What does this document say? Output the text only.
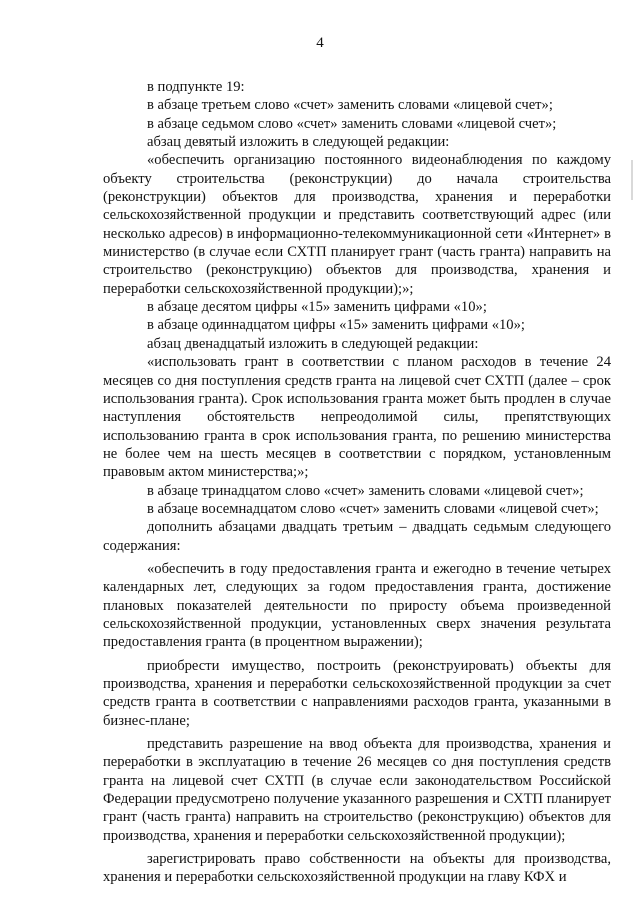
4

в подпункте 19:

в абзаце третьем слово «счет» заменить словами «лицевой счет»;

в абзаце седьмом слово «счет» заменить словами «лицевой счет»;

абзац девятый изложить в следующей редакции:

«обеспечить организацию постоянного видеонаблюдения по каждому объекту строительства (реконструкции) до начала строительства (реконструкции) объектов для производства, хранения и переработки сельскохозяйственной продукции и представить соответствующий адрес (или несколько адресов) в информационно-телекоммуникационной сети «Интернет» в министерство (в случае если СХТП планирует грант (часть гранта) направить на строительство (реконструкцию) объектов для производства, хранения и переработки сельскохозяйственной продукции);»;

в абзаце десятом цифры «15» заменить цифрами «10»;

в абзаце одиннадцатом цифры «15» заменить цифрами «10»;

абзац двенадцатый изложить в следующей редакции:

«использовать грант в соответствии с планом расходов в течение 24 месяцев со дня поступления средств гранта на лицевой счет СХТП (далее – срок использования гранта). Срок использования гранта может быть продлен в случае наступления обстоятельств непреодолимой силы, препятствующих использованию гранта в срок использования гранта, по решению министерства не более чем на шесть месяцев в соответствии с порядком, установленным правовым актом министерства;»;

в абзаце тринадцатом слово «счет» заменить словами «лицевой счет»;

в абзаце восемнадцатом слово «счет» заменить словами «лицевой счет»;

дополнить абзацами двадцать третьим – двадцать седьмым следующего содержания:

«обеспечить в году предоставления гранта и ежегодно в течение четырех календарных лет, следующих за годом предоставления гранта, достижение плановых показателей деятельности по приросту объема произведенной сельскохозяйственной продукции, установленных сверх значения результата предоставления гранта (в процентном выражении);

приобрести имущество, построить (реконструировать) объекты для производства, хранения и переработки сельскохозяйственной продукции за счет средств гранта в соответствии с направлениями расходов гранта, указанными в бизнес-плане;

представить разрешение на ввод объекта для производства, хранения и переработки в эксплуатацию в течение 26 месяцев со дня поступления средств гранта на лицевой счет СХТП (в случае если законодательством Российской Федерации предусмотрено получение указанного разрешения и СХТП планирует грант (часть гранта) направить на строительство (реконструкцию) объектов для производства, хранения и переработки сельскохозяйственной продукции);

зарегистрировать право собственности на объекты для производства, хранения и переработки сельскохозяйственной продукции на главу КФХ и
